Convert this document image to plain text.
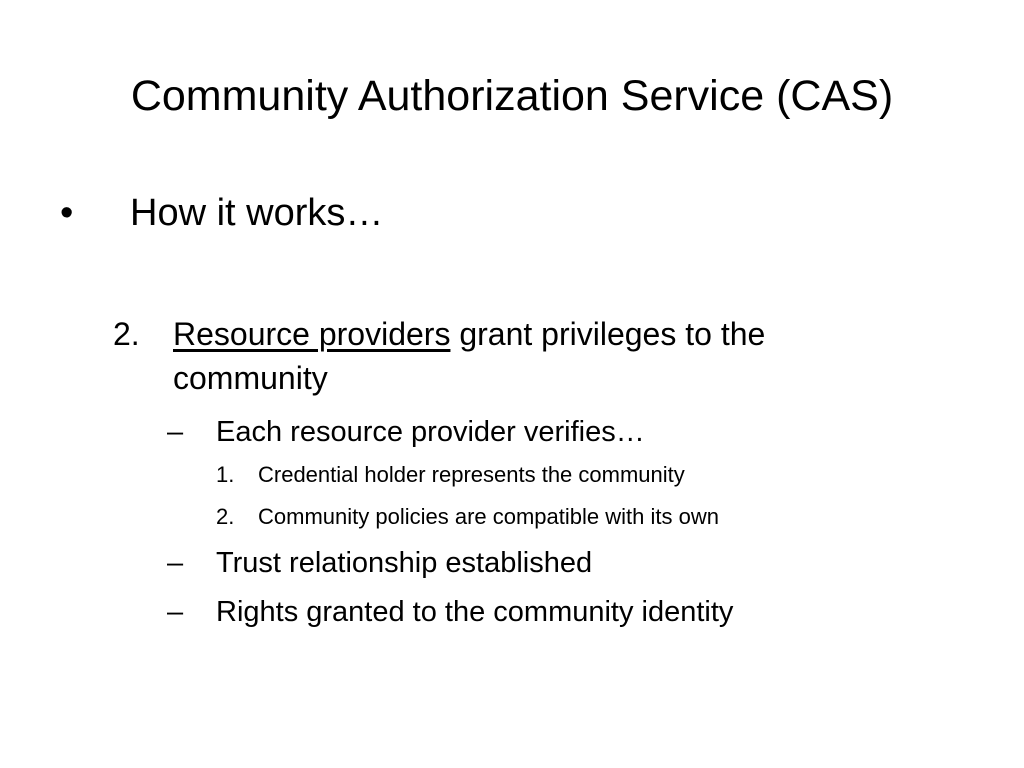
Community Authorization Service (CAS)
• How it works…
2. Resource providers grant privileges to the
community
– Each resource provider verifies…
1. Credential holder represents the community
2. Community policies are compatible with its own
– Trust relationship established
– Rights granted to the community identity
